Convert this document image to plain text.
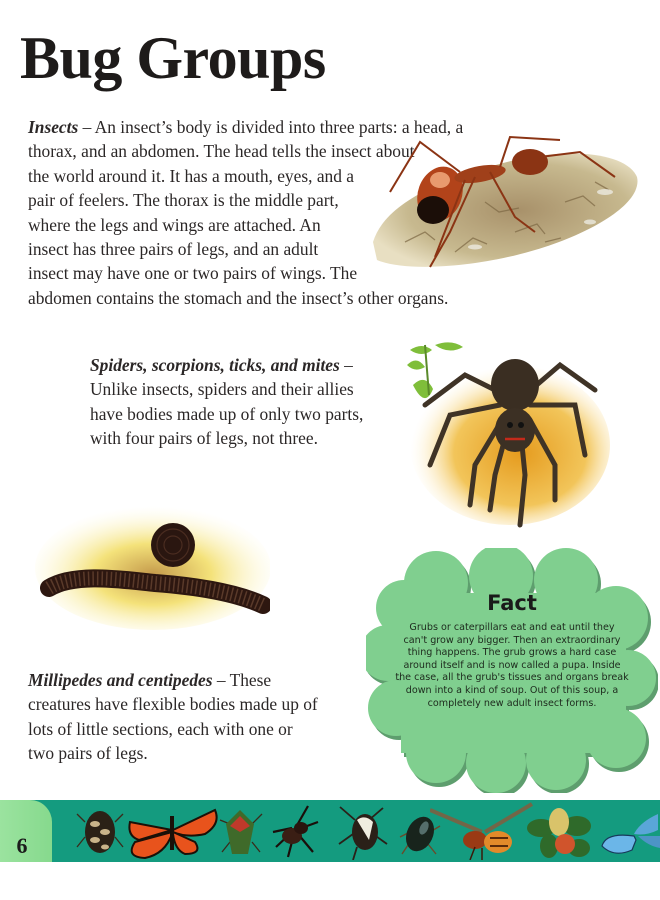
Bug Groups
Insects – An insect’s body is divided into three parts: a head, a
thorax, and an abdomen. The head tells the insect about
the world around it. It has a mouth, eyes, and a
pair of feelers. The thorax is the middle part,
where the legs and wings are attached. An
insect has three pairs of legs, and an adult
insect may have one or two pairs of wings. The
abdomen contains the stomach and the insect’s other organs.
Spiders, scorpions, ticks, and mites –
Unlike insects, spiders and their allies
have bodies made up of only two parts,
with four pairs of legs, not three.
Millipedes and centipedes – These
creatures have flexible bodies made up of
lots of little sections, each with one or
two pairs of legs.
Fact
Grubs or caterpillars eat and eat until they
can't grow any bigger. Then an extraordinary
thing happens. The grub grows a hard case
around itself and is now called a pupa. Inside
the case, all the grub's tissues and organs break
down into a kind of soup. Out of this soup, a
completely new adult insect forms.
6
